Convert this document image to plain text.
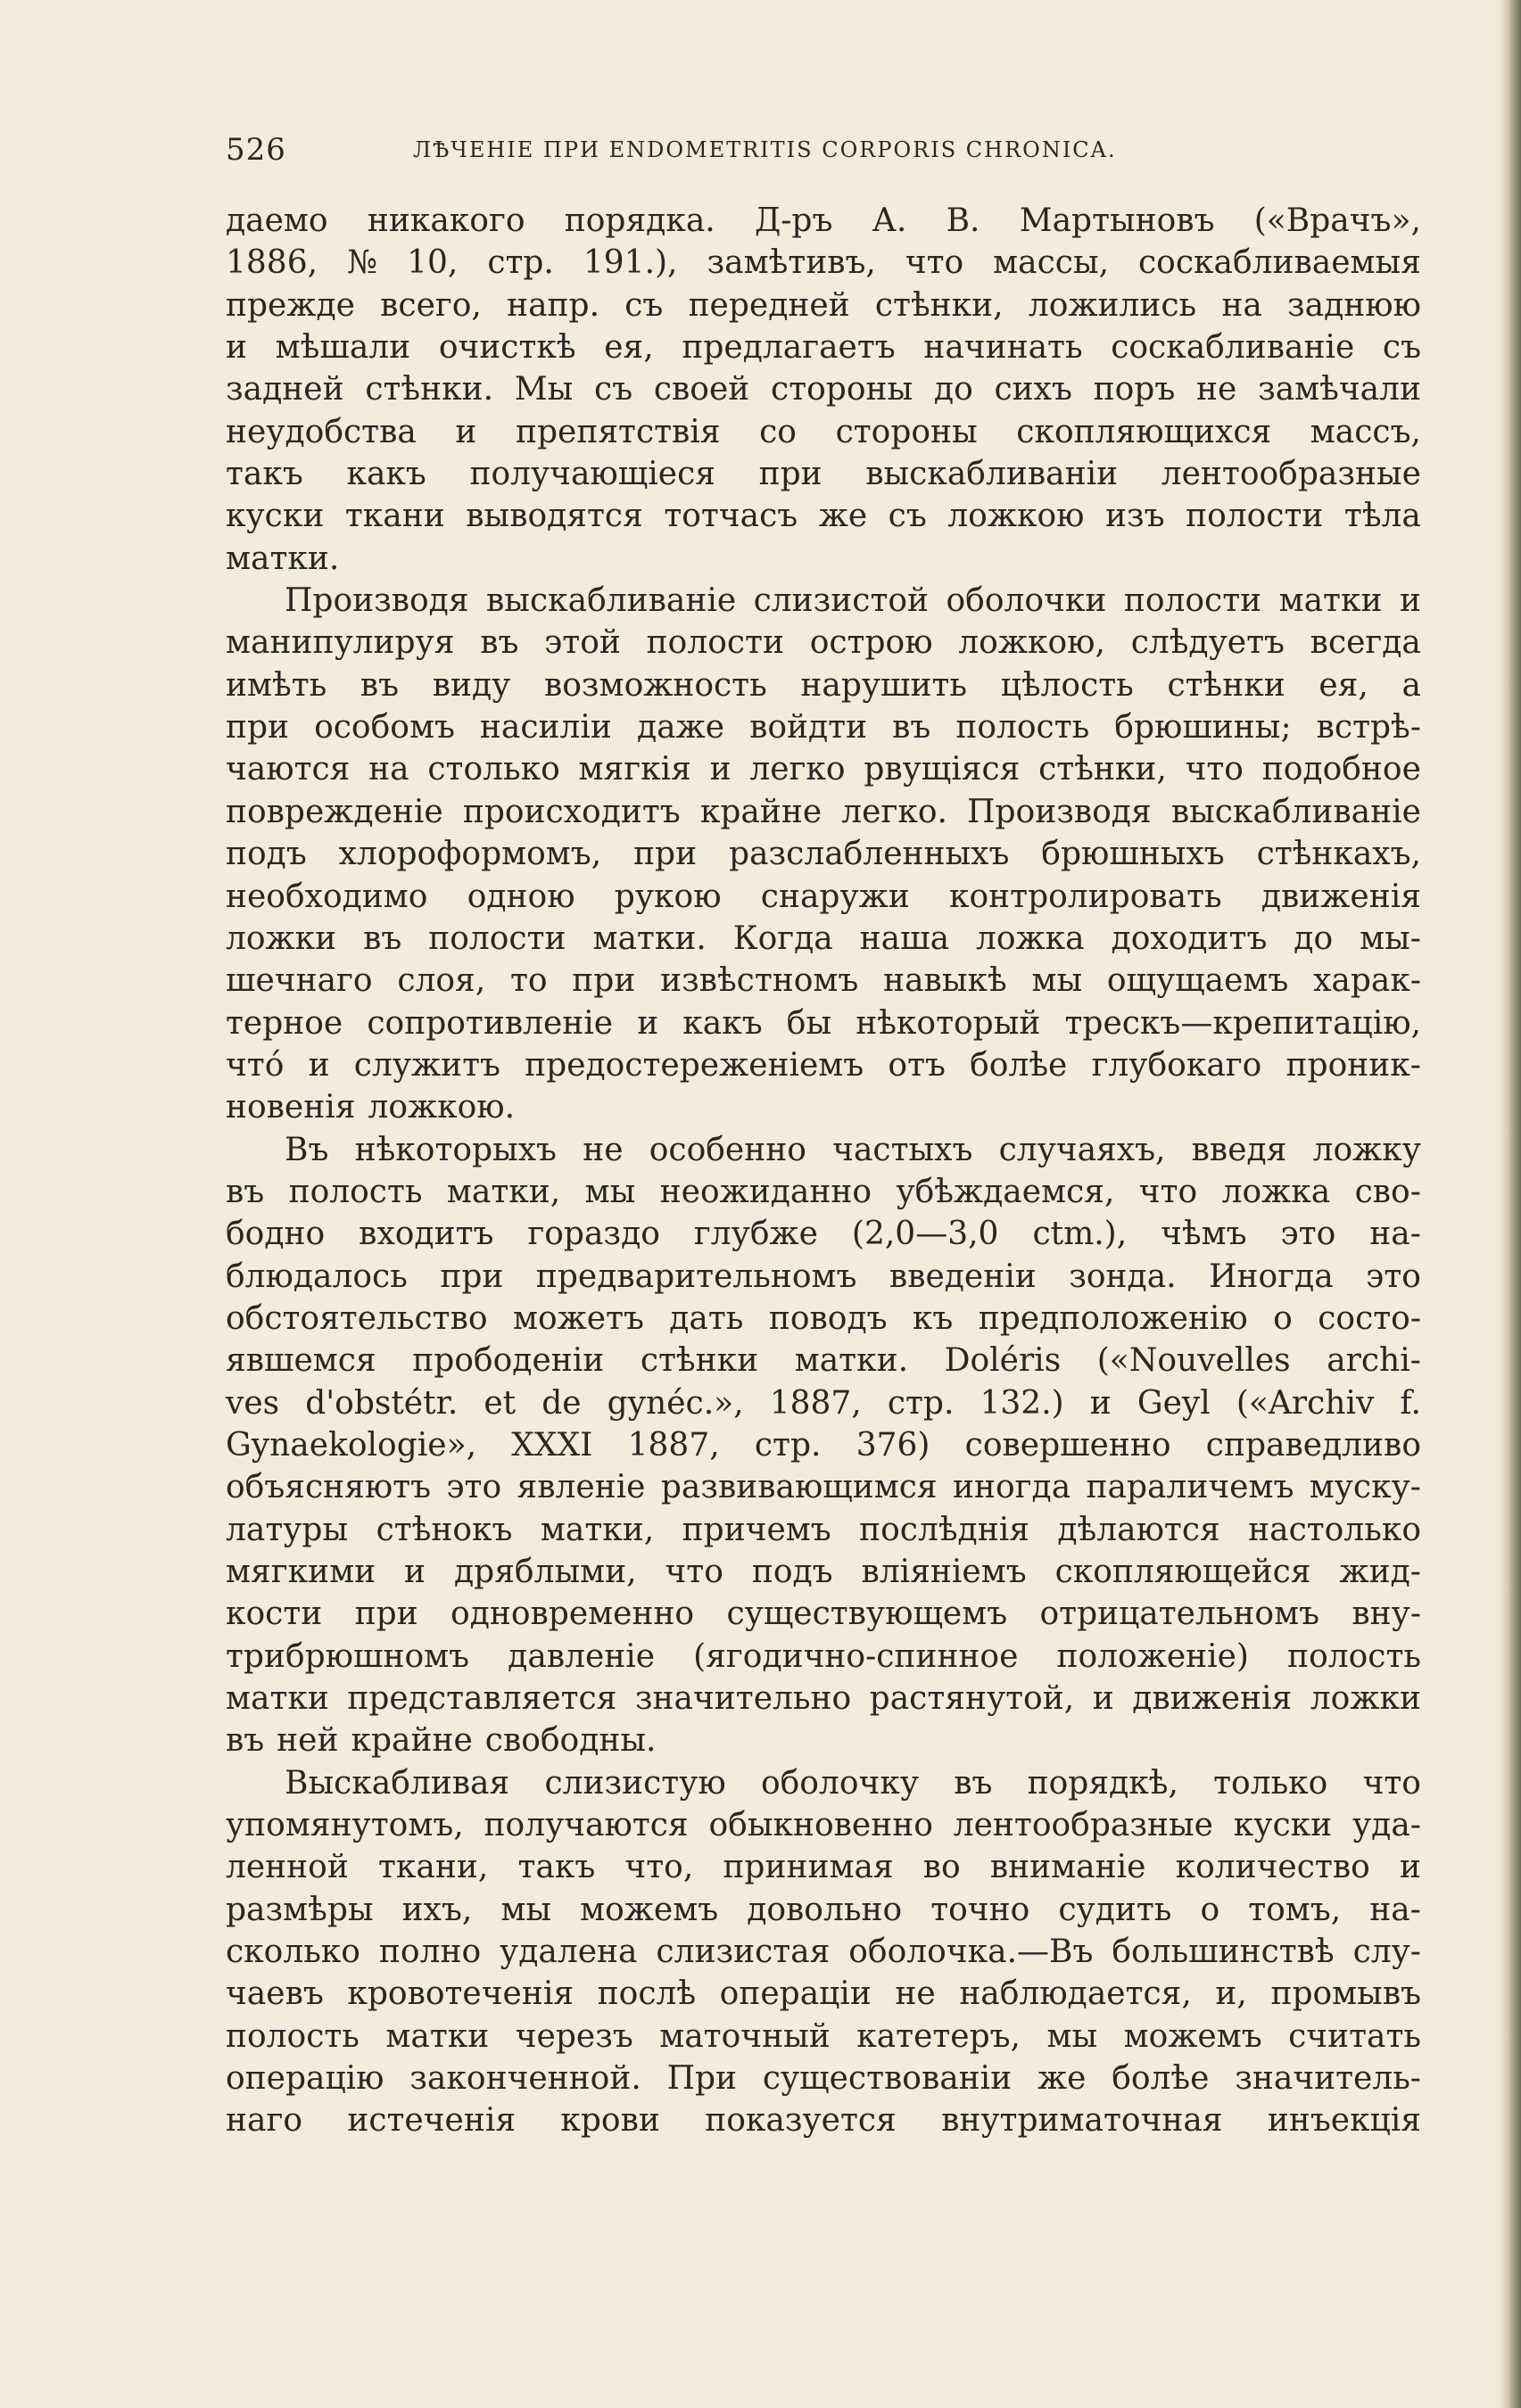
526	ЛѢЧЕНІЕ ПРИ ENDOMETRITIS CORPORIS CHRONICA.
даемо никакого порядка. Д-ръ А. В. Мартыновъ («Врачъ»,
1886, № 10, стр. 191.), замѣтивъ, что массы, соскабливаемыя
прежде всего, напр. съ передней стѣнки, ложились на заднюю
и мѣшали очисткѣ ея, предлагаетъ начинать соскабливаніе съ
задней стѣнки. Мы съ своей стороны до сихъ поръ не замѣчали
неудобства и препятствія со стороны скопляющихся массъ,
такъ какъ получающіеся при выскабливаніи лентообразные
куски ткани выводятся тотчасъ же съ ложкою изъ полости тѣла
матки.
Производя выскабливаніе слизистой оболочки полости матки и
манипулируя въ этой полости острою ложкою, слѣдуетъ всегда
имѣть въ виду возможность нарушить цѣлость стѣнки ея, а
при особомъ насиліи даже войдти въ полость брюшины; встрѣ-
чаются на столько мягкія и легко рвущіяся стѣнки, что подобное
поврежденіе происходитъ крайне легко. Производя выскабливаніе
подъ хлороформомъ, при разслабленныхъ брюшныхъ стѣнкахъ,
необходимо одною рукою снаружи контролировать движенія
ложки въ полости матки. Когда наша ложка доходитъ до мы-
шечнаго слоя, то при извѣстномъ навыкѣ мы ощущаемъ харак-
терное сопротивленіе и какъ бы нѣкоторый трескъ—крепитацію,
что́ и служитъ предостереженіемъ отъ болѣе глубокаго проник-
новенія ложкою.
Въ нѣкоторыхъ не особенно частыхъ случаяхъ, введя ложку
въ полость матки, мы неожиданно убѣждаемся, что ложка сво-
бодно входитъ гораздо глубже (2,0—3,0 ctm.), чѣмъ это на-
блюдалось при предварительномъ введеніи зонда. Иногда это
обстоятельство можетъ дать поводъ къ предположенію о состо-
явшемся прободеніи стѣнки матки. Doléris («Nouvelles archi-
ves d'obstétr. et de gynéc.», 1887, стр. 132.) и Geyl («Archiv f.
Gynaekologie», XXXI 1887, стр. 376) совершенно справедливо
объясняютъ это явленіе развивающимся иногда параличемъ муску-
латуры стѣнокъ матки, причемъ послѣднія дѣлаются настолько
мягкими и дряблыми, что подъ вліяніемъ скопляющейся жид-
кости при одновременно существующемъ отрицательномъ вну-
трибрюшномъ давленіе (ягодично-спинное положеніе) полость
матки представляется значительно растянутой, и движенія ложки
въ ней крайне свободны.
Выскабливая слизистую оболочку въ порядкѣ, только что
упомянутомъ, получаются обыкновенно лентообразные куски уда-
ленной ткани, такъ что, принимая во вниманіе количество и
размѣры ихъ, мы можемъ довольно точно судить о томъ, на-
сколько полно удалена слизистая оболочка.—Въ большинствѣ слу-
чаевъ кровотеченія послѣ операціи не наблюдается, и, промывъ
полость матки черезъ маточный катетеръ, мы можемъ считать
операцію законченной. При существованіи же болѣе значитель-
наго истеченія крови показуется внутриматочная инъекція
